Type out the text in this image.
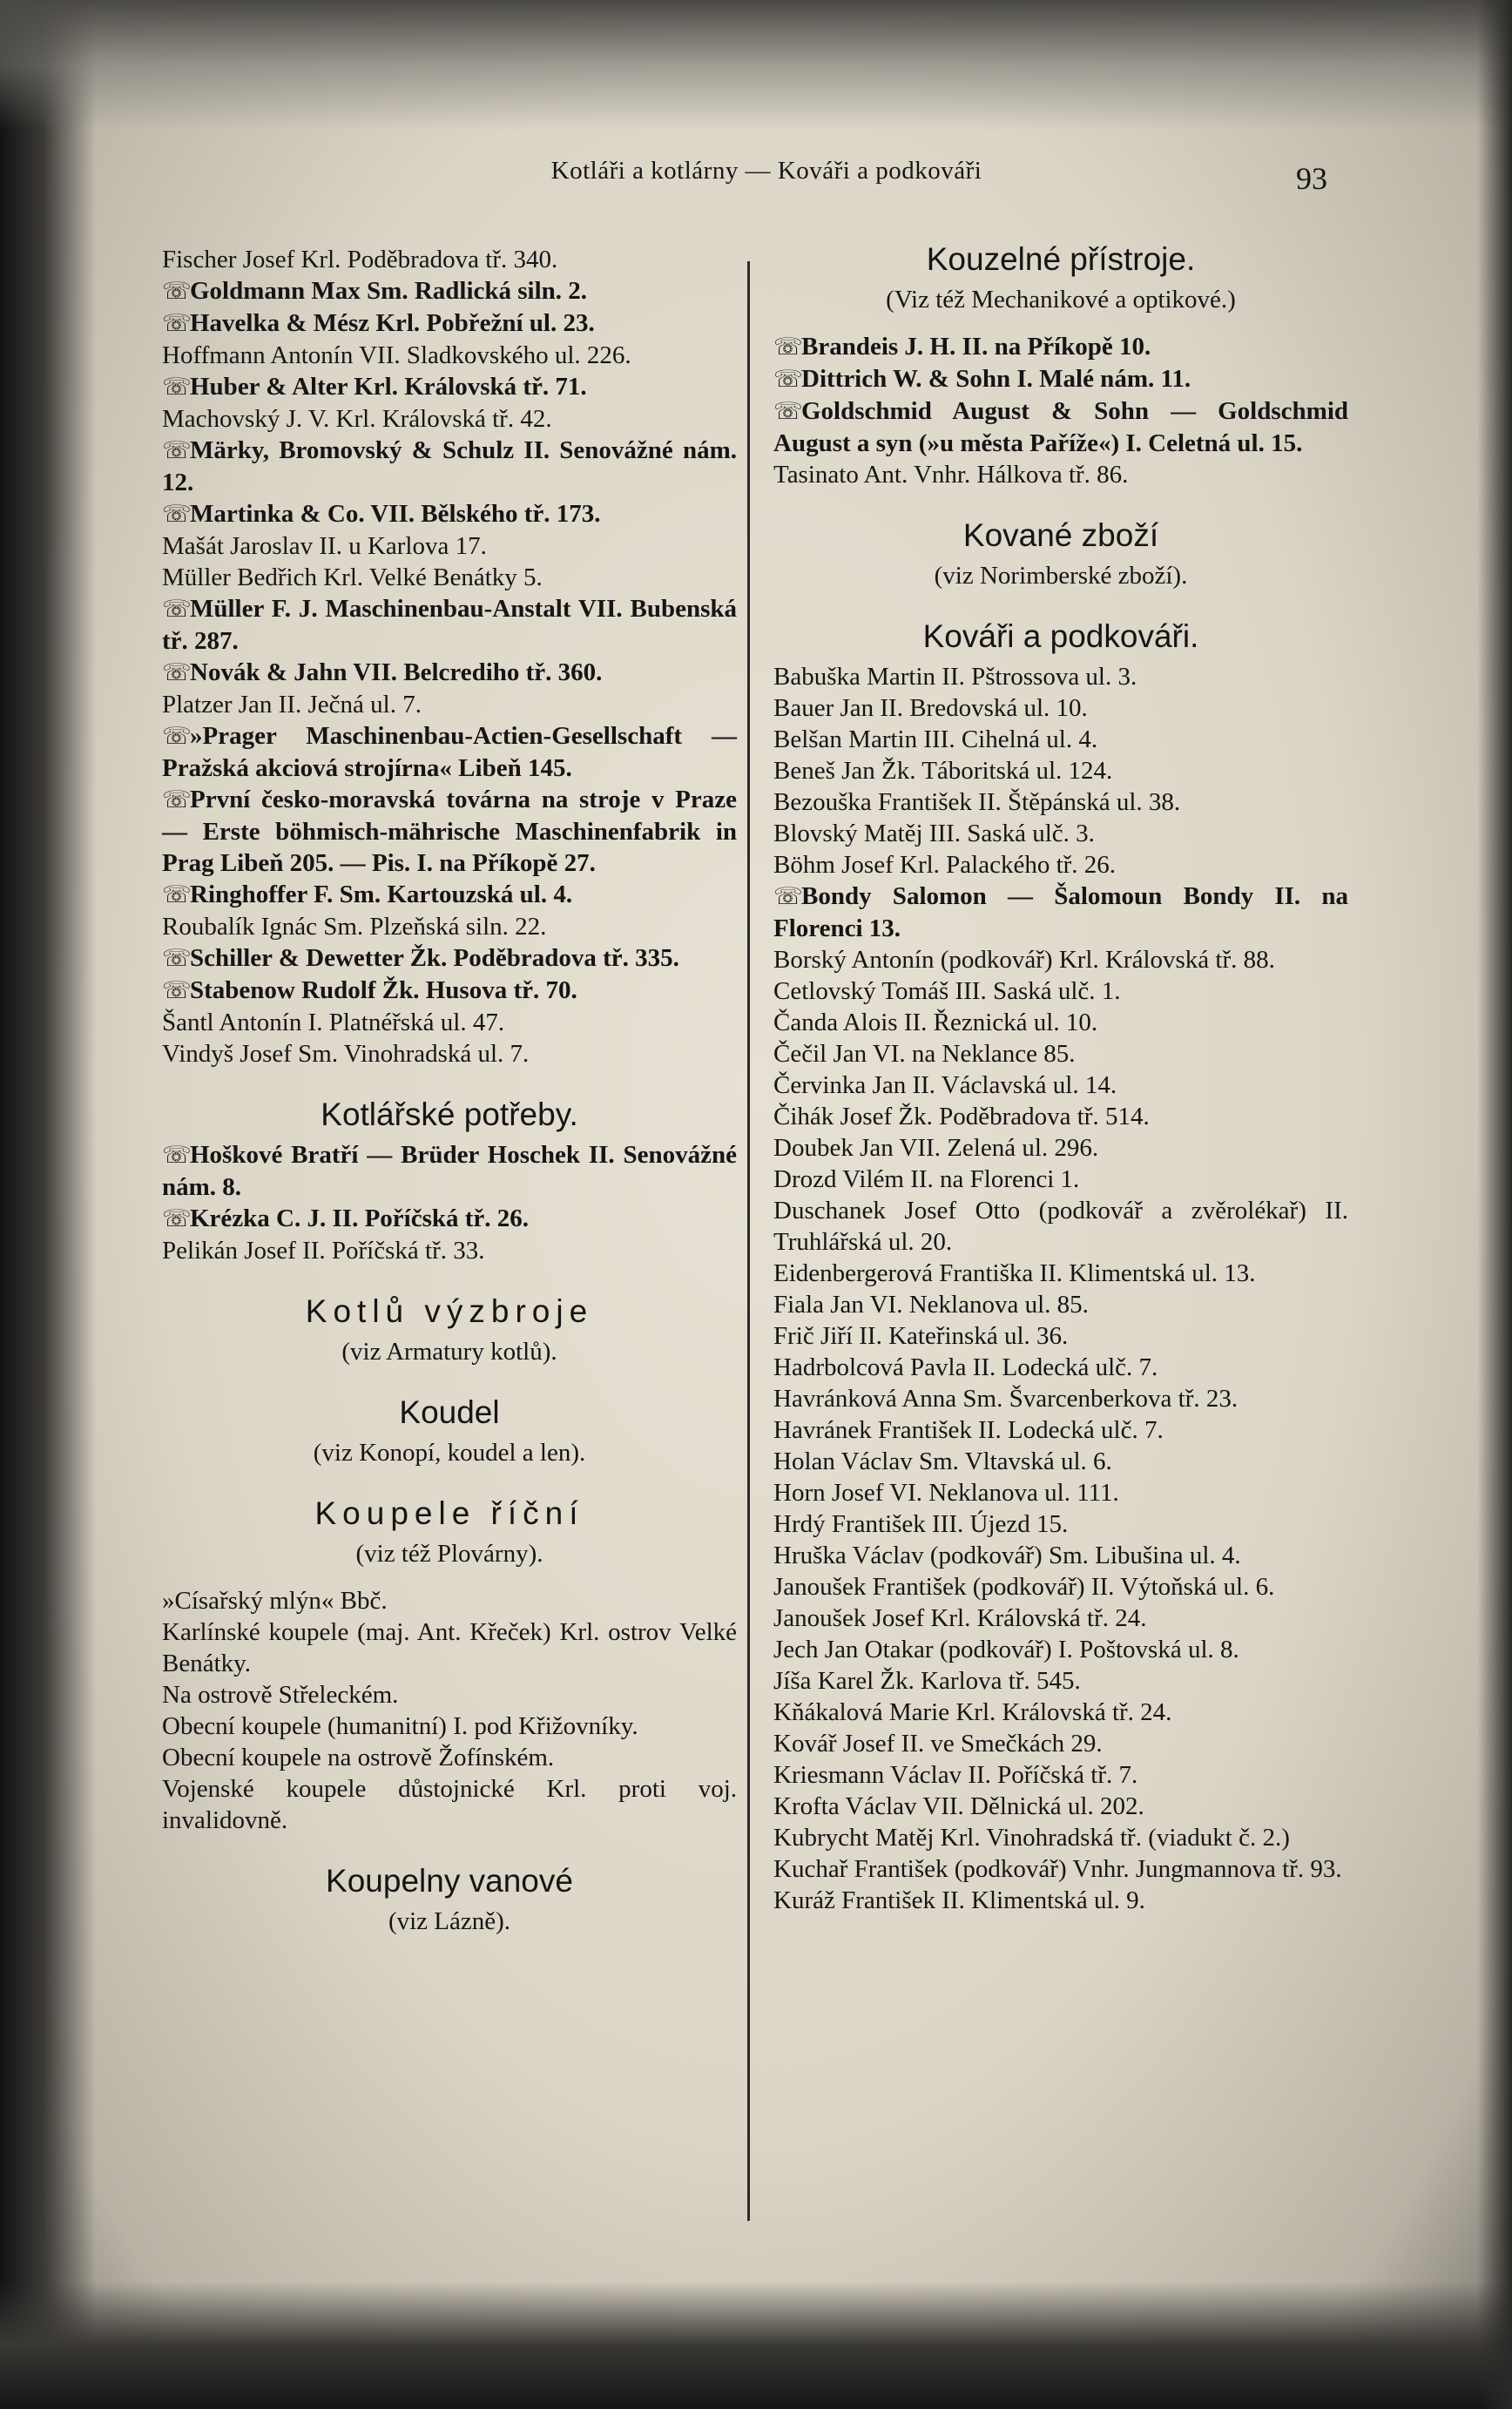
Kotláři a kotlárny — Kováři a podkováři	93
Fischer Josef Krl. Poděbradova tř. 340.
☏Goldmann Max Sm. Radlická siln. 2.
☏Havelka & Mész Krl. Pobřežní ul. 23.
Hoffmann Antonín VII. Sladkovského ul. 226.
☏Huber & Alter Krl. Královská tř. 71.
Machovský J. V. Krl. Královská tř. 42.
☏Märky, Bromovský & Schulz II. Senovážné nám. 12.
☏Martinka & Co. VII. Bělského tř. 173.
Mašát Jaroslav II. u Karlova 17.
Müller Bedřich Krl. Velké Benátky 5.
☏Müller F. J. Maschinenbau-Anstalt VII. Bubenská tř. 287.
☏Novák & Jahn VII. Belcrediho tř. 360.
Platzer Jan II. Ječná ul. 7.
☏»Prager Maschinenbau-Actien-Gesellschaft — Pražská akciová strojírna« Libeň 145.
☏První česko-moravská továrna na stroje v Praze — Erste böhmisch-mährische Maschinenfabrik in Prag Libeň 205. — Pis. I. na Příkopě 27.
☏Ringhoffer F. Sm. Kartouzská ul. 4.
Roubalík Ignác Sm. Plzeňská siln. 22.
☏Schiller & Dewetter Žk. Poděbradova tř. 335.
☏Stabenow Rudolf Žk. Husova tř. 70.
Šantl Antonín I. Platnéřská ul. 47.
Vindyš Josef Sm. Vinohradská ul. 7.
Kotlářské potřeby.
☏Hoškové Bratří — Brüder Hoschek II. Senovážné nám. 8.
☏Krézka C. J. II. Poříčská tř. 26.
Pelikán Josef II. Poříčská tř. 33.
Kotlů výzbroje
(viz Armatury kotlů).
Koudel
(viz Konopí, koudel a len).
Koupele říční
(viz též Plovárny).
»Císařský mlýn« Bbč.
Karlínské koupele (maj. Ant. Křeček) Krl. ostrov Velké Benátky.
Na ostrově Střeleckém.
Obecní koupele (humanitní) I. pod Křižovníky.
Obecní koupele na ostrově Žofínském.
Vojenské koupele důstojnické Krl. proti voj. invalidovně.
Koupelny vanové
(viz Lázně).
Kouzelné přístroje.
(Viz též Mechanikové a optikové.)
☏Brandeis J. H. II. na Příkopě 10.
☏Dittrich W. & Sohn I. Malé nám. 11.
☏Goldschmid August & Sohn — Goldschmid August a syn (»u města Paříže«) I. Celetná ul. 15.
Tasinato Ant. Vnhr. Hálkova tř. 86.
Kované zboží
(viz Norimberské zboží).
Kováři a podkováři.
Babuška Martin II. Pštrossova ul. 3.
Bauer Jan II. Bredovská ul. 10.
Belšan Martin III. Cihelná ul. 4.
Beneš Jan Žk. Táboritská ul. 124.
Bezouška František II. Štěpánská ul. 38.
Blovský Matěj III. Saská ulč. 3.
Böhm Josef Krl. Palackého tř. 26.
☏Bondy Salomon — Šalomoun Bondy II. na Florenci 13.
Borský Antonín (podkovář) Krl. Královská tř. 88.
Cetlovský Tomáš III. Saská ulč. 1.
Čanda Alois II. Řeznická ul. 10.
Čečil Jan VI. na Neklance 85.
Červinka Jan II. Václavská ul. 14.
Čihák Josef Žk. Poděbradova tř. 514.
Doubek Jan VII. Zelená ul. 296.
Drozd Vilém II. na Florenci 1.
Duschanek Josef Otto (podkovář a zvěrolékař) II. Truhlářská ul. 20.
Eidenbergerová Františka II. Klimentská ul. 13.
Fiala Jan VI. Neklanova ul. 85.
Frič Jiří II. Kateřinská ul. 36.
Hadrbolcová Pavla II. Lodecká ulč. 7.
Havránková Anna Sm. Švarcenberkova tř. 23.
Havránek František II. Lodecká ulč. 7.
Holan Václav Sm. Vltavská ul. 6.
Horn Josef VI. Neklanova ul. 111.
Hrdý František III. Újezd 15.
Hruška Václav (podkovář) Sm. Libušina ul. 4.
Janoušek František (podkovář) II. Výtoňská ul. 6.
Janoušek Josef Krl. Královská tř. 24.
Jech Jan Otakar (podkovář) I. Poštovská ul. 8.
Jíša Karel Žk. Karlova tř. 545.
Kňákalová Marie Krl. Královská tř. 24.
Kovář Josef II. ve Smečkách 29.
Kriesmann Václav II. Poříčská tř. 7.
Krofta Václav VII. Dělnická ul. 202.
Kubrycht Matěj Krl. Vinohradská tř. (viadukt č. 2.)
Kuchař František (podkovář) Vnhr. Jungmannova tř. 93.
Kuráž František II. Klimentská ul. 9.
